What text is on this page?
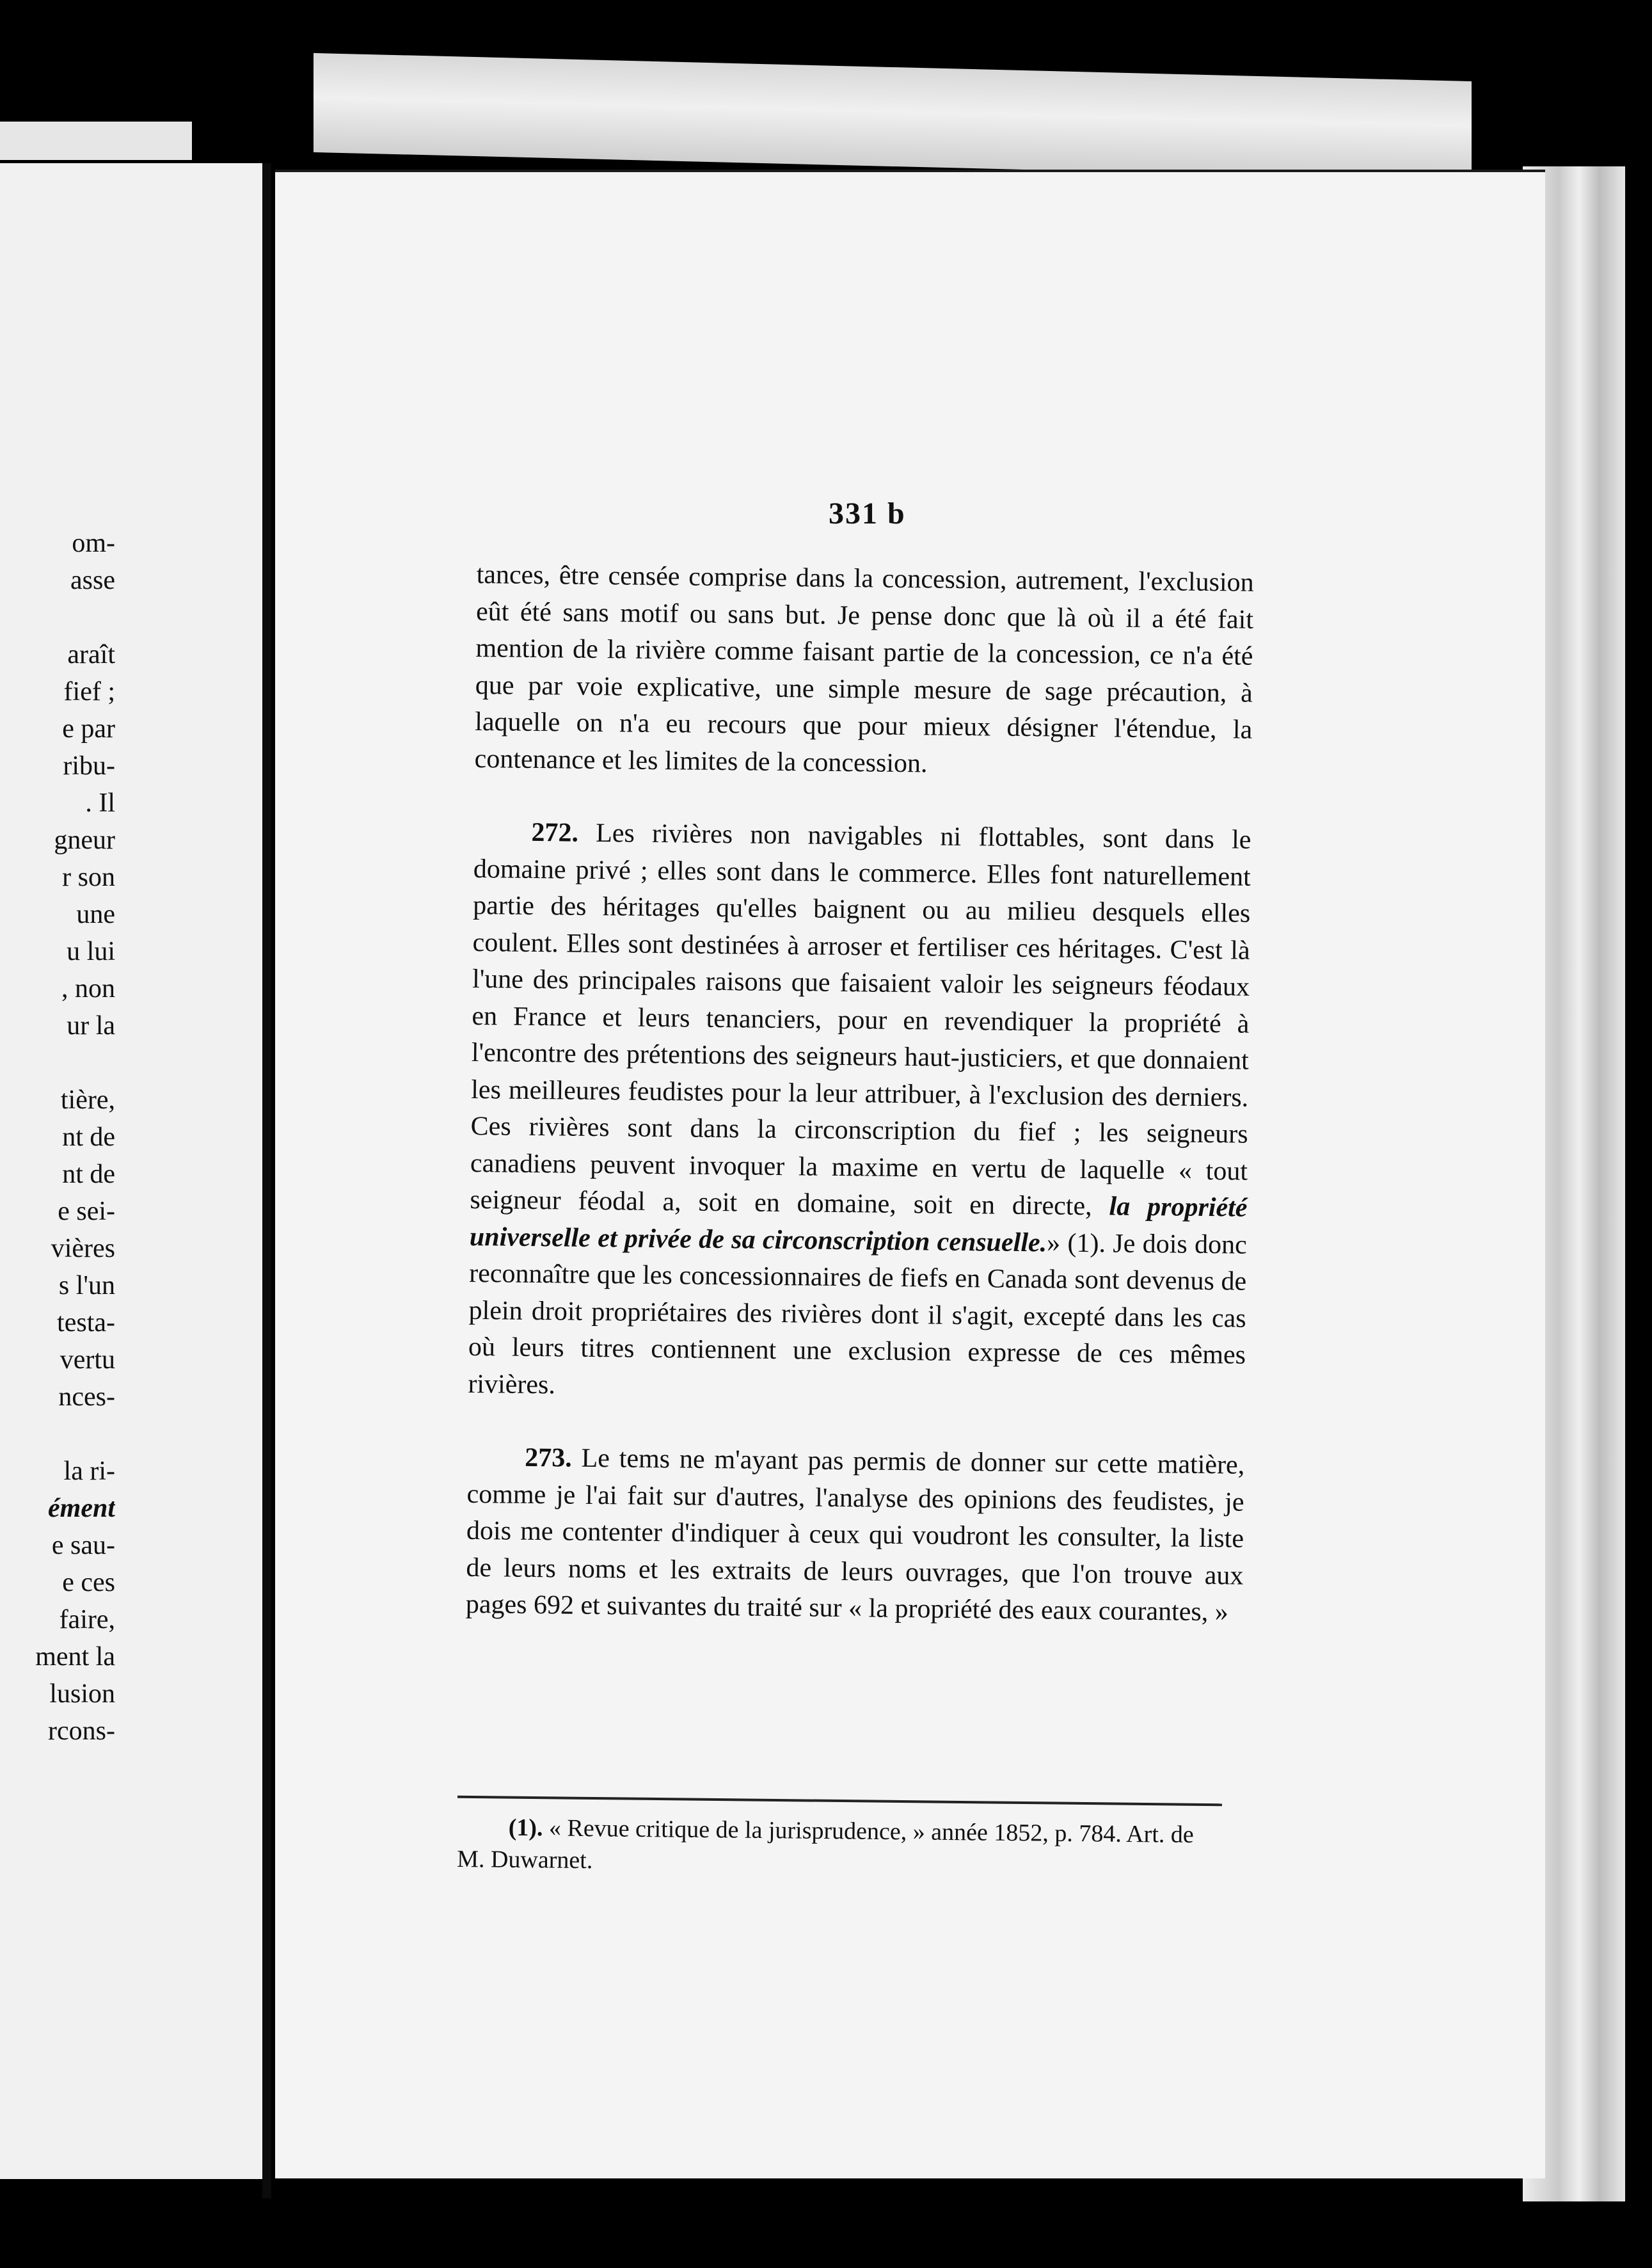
om-
asse
araît
fief ;
e par
ribu-
. Il
gneur
r son
une
u lui
, non
ur la
tière,
nt de
nt de
e sei-
vières
s l'un
testa-
vertu
nces-
la ri-
ément
e sau-
e ces
faire,
ment la
lusion
rcons-
331 b

tances, être censée comprise dans la concession, autrement, l'exclusion eût été sans motif ou sans but. Je pense donc que là où il a été fait mention de la rivière comme faisant partie de la concession, ce n'a été que par voie explicative, une simple mesure de sage précaution, à laquelle on n'a eu recours que pour mieux désigner l'étendue, la contenance et les limites de la concession.

272. Les rivières non navigables ni flottables, sont dans le domaine privé ; elles sont dans le commerce. Elles font naturellement partie des héritages qu'elles baignent ou au milieu desquels elles coulent. Elles sont destinées à arroser et fertiliser ces héritages. C'est là l'une des principales raisons que faisaient valoir les seigneurs féodaux en France et leurs tenanciers, pour en revendiquer la propriété à l'encontre des prétentions des seigneurs haut-justiciers, et que donnaient les meilleures feudistes pour la leur attribuer, à l'exclusion des derniers. Ces rivières sont dans la circonscription du fief ; les seigneurs canadiens peuvent invoquer la maxime en vertu de laquelle « tout seigneur féodal a, soit en domaine, soit en directe, la propriété universelle et privée de sa circonscription censuelle.» (1). Je dois donc reconnaître que les concessionnaires de fiefs en Canada sont devenus de plein droit propriétaires des rivières dont il s'agit, excepté dans les cas où leurs titres contiennent une exclusion expresse de ces mêmes rivières.

273. Le tems ne m'ayant pas permis de donner sur cette matière, comme je l'ai fait sur d'autres, l'analyse des opinions des feudistes, je dois me contenter d'indiquer à ceux qui voudront les consulter, la liste de leurs noms et les extraits de leurs ouvrages, que l'on trouve aux pages 692 et suivantes du traité sur « la propriété des eaux courantes, »

(1). « Revue critique de la jurisprudence, » année 1852, p. 784. Art. de M. Duwarnet.
